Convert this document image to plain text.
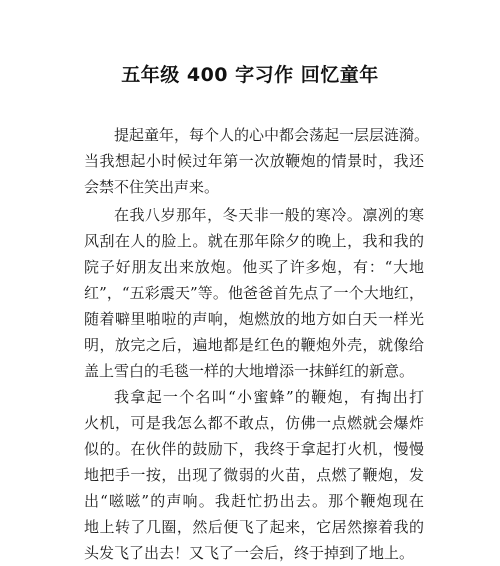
五年级 400 字习作 回忆童年
提起童年，每个人的心中都会荡起一层层涟漪。
当我想起小时候过年第一次放鞭炮的情景时，我还
会禁不住笑出声来。
在我八岁那年，冬天非一般的寒冷。凛冽的寒
风刮在人的脸上。就在那年除夕的晚上，我和我的
院子好朋友出来放炮。他买了许多炮，有：“大地
红”，“五彩震天”等。他爸爸首先点了一个大地红，
随着噼里啪啦的声响，炮燃放的地方如白天一样光
明，放完之后，遍地都是红色的鞭炮外壳，就像给
盖上雪白的毛毯一样的大地增添一抹鲜红的新意。
我拿起一个名叫“小蜜蜂”的鞭炮，有掏出打
火机，可是我怎么都不敢点，仿佛一点燃就会爆炸
似的。在伙伴的鼓励下，我终于拿起打火机，慢慢
地把手一按，出现了微弱的火苗，点燃了鞭炮，发
出“嗞嗞”的声响。我赶忙扔出去。那个鞭炮现在
地上转了几圈，然后便飞了起来，它居然擦着我的
头发飞了出去！又飞了一会后，终于掉到了地上。
